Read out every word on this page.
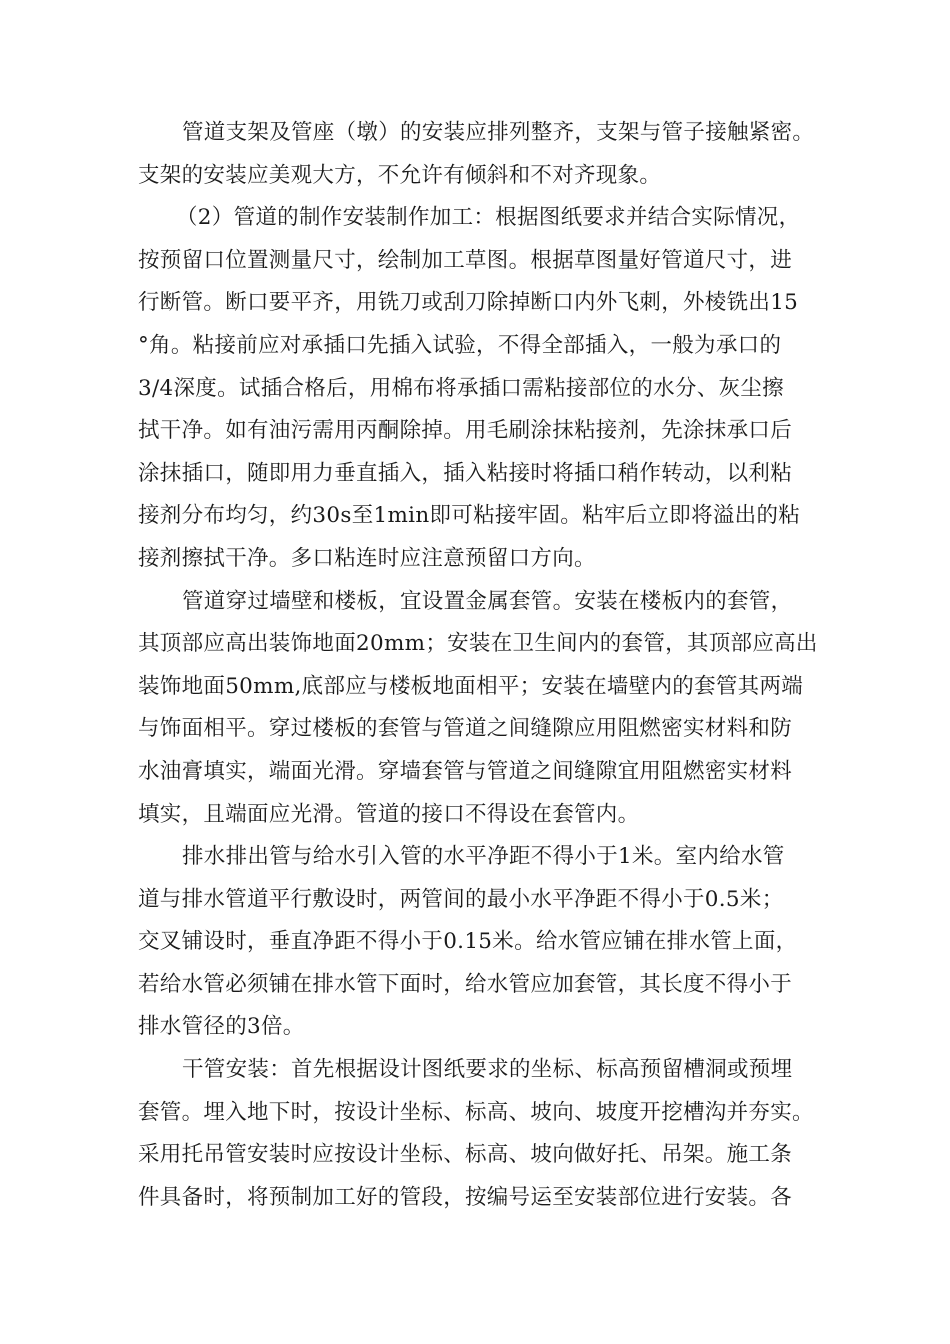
管道支架及管座（墩）的安装应排列整齐，支架与管子接触紧密。
支架的安装应美观大方，不允许有倾斜和不对齐现象。
（2）管道的制作安装制作加工：根据图纸要求并结合实际情况，
按预留口位置测量尺寸，绘制加工草图。根据草图量好管道尺寸，进
行断管。断口要平齐，用铣刀或刮刀除掉断口内外飞刺，外棱铣出15
°角。粘接前应对承插口先插入试验，不得全部插入，一般为承口的
3/4深度。试插合格后，用棉布将承插口需粘接部位的水分、灰尘擦
拭干净。如有油污需用丙酮除掉。用毛刷涂抹粘接剂，先涂抹承口后
涂抹插口，随即用力垂直插入，插入粘接时将插口稍作转动，以利粘
接剂分布均匀，约30s至1min即可粘接牢固。粘牢后立即将溢出的粘
接剂擦拭干净。多口粘连时应注意预留口方向。
管道穿过墙壁和楼板，宜设置金属套管。安装在楼板内的套管，
其顶部应高出装饰地面20mm；安装在卫生间内的套管，其顶部应高出
装饰地面50mm,底部应与楼板地面相平；安装在墙壁内的套管其两端
与饰面相平。穿过楼板的套管与管道之间缝隙应用阻燃密实材料和防
水油膏填实，端面光滑。穿墙套管与管道之间缝隙宜用阻燃密实材料
填实，且端面应光滑。管道的接口不得设在套管内。
排水排出管与给水引入管的水平净距不得小于1米。室内给水管
道与排水管道平行敷设时，两管间的最小水平净距不得小于0.5米；
交叉铺设时，垂直净距不得小于0.15米。给水管应铺在排水管上面，
若给水管必须铺在排水管下面时，给水管应加套管，其长度不得小于
排水管径的3倍。
干管安装：首先根据设计图纸要求的坐标、标高预留槽洞或预埋
套管。埋入地下时，按设计坐标、标高、坡向、坡度开挖槽沟并夯实。
采用托吊管安装时应按设计坐标、标高、坡向做好托、吊架。施工条
件具备时，将预制加工好的管段，按编号运至安装部位进行安装。各
